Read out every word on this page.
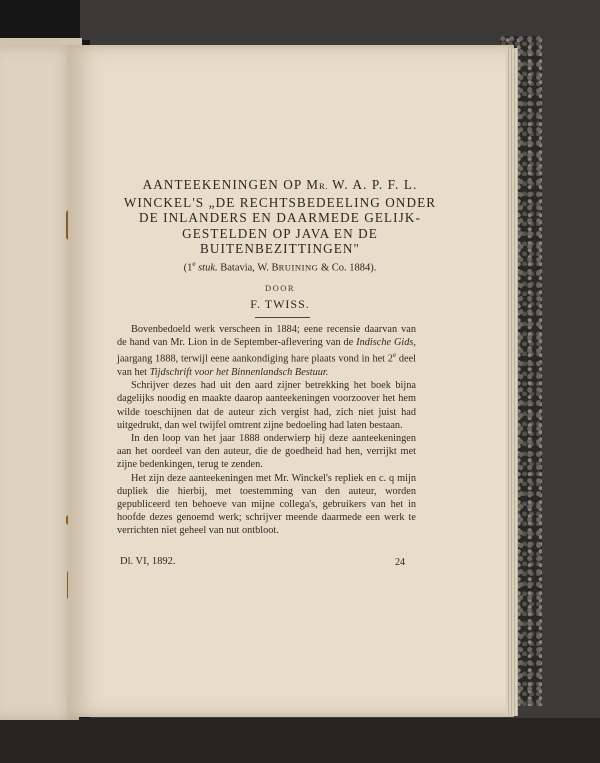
AANTEEKENINGEN OP MR. W. A. P. F. L.
WINCKEL'S „DE RECHTSBEDEELING ONDER
DE INLANDERS EN DAARMEDE GELIJK-
GESTELDEN OP JAVA EN DE
BUITENBEZITTINGEN"
(1e stuk. Batavia, W. BRUINING & Co. 1884).
DOOR
F. TWISS.

Bovenbedoeld werk verscheen in 1884; eene recensie daarvan van de hand van Mr. Lion in de September-aflevering van de Indische Gids, jaargang 1888, terwijl eene aankondiging hare plaats vond in het 2e deel van het Tijdschrift voor het Binnenlandsch Bestuur.

Schrijver dezes had uit den aard zijner betrekking het boek bijna dagelijks noodig en maakte daarop aanteekeningen voorzoover het hem wilde toeschijnen dat de auteur zich vergist had, zich niet juist had uitgedrukt, dan wel twijfel omtrent zijne bedoeling had laten bestaan.

In den loop van het jaar 1888 onderwierp hij deze aanteekeningen aan het oordeel van den auteur, die de goedheid had hen, verrijkt met zijne bedenkingen, terug te zenden.

Het zijn deze aanteekeningen met Mr. Winckel's repliek en c. q mijn dupliek die hierbij, met toestemming van den auteur, worden gepubliceerd ten behoeve van mijne collega's, gebruikers van het in hoofde dezes genoemd werk; schrijver meende daarmede een werk te verrichten niet geheel van nut ontbloot.

Dl. VI, 1892.	24
